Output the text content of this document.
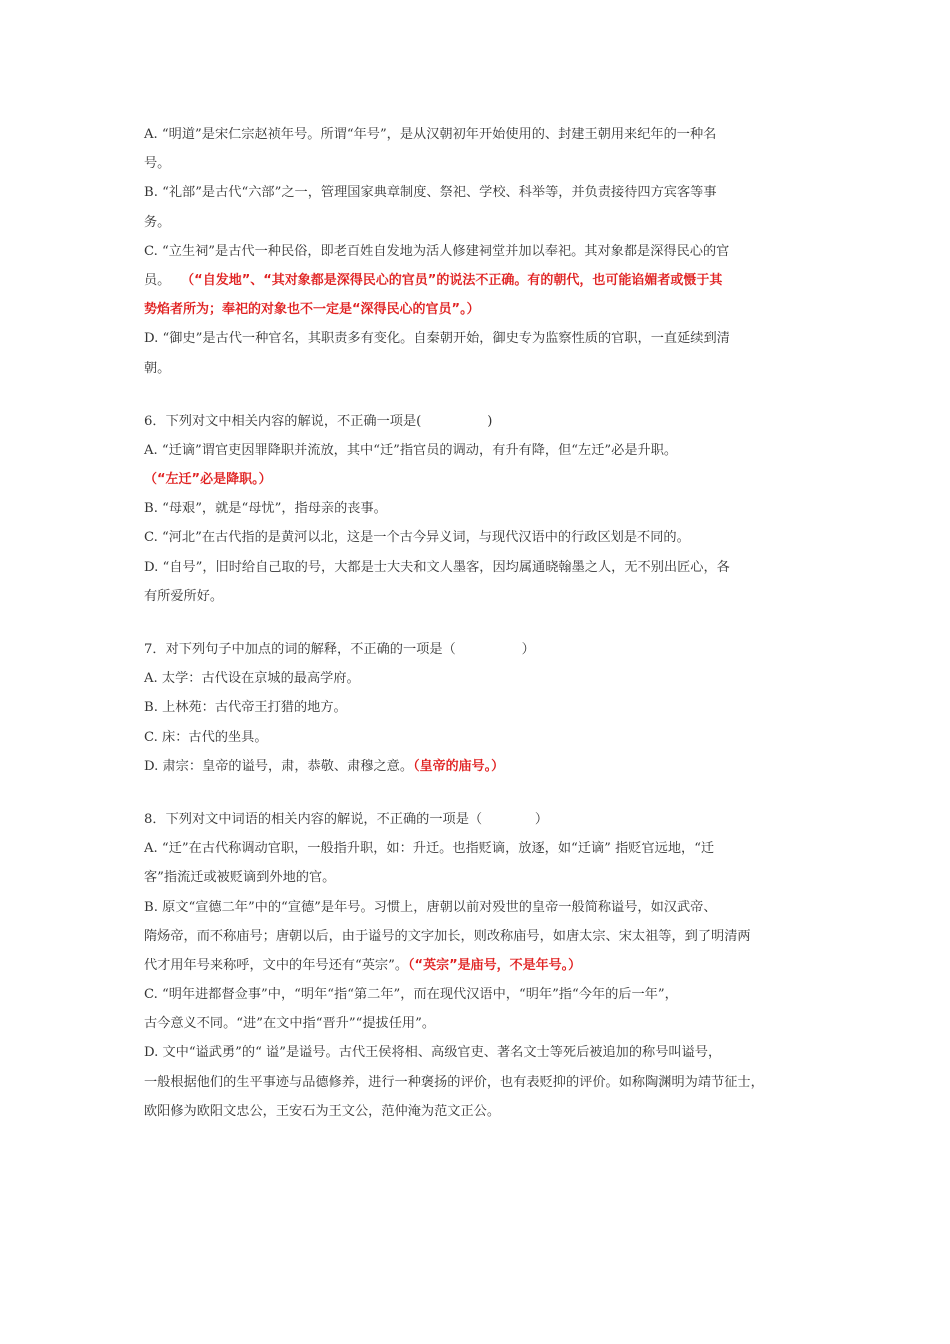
A. “明道”是宋仁宗赵祯年号。所谓“年号”，是从汉朝初年开始使用的、封建王朝用来纪年的一种名
号。
B. “礼部”是古代“六部”之一，管理国家典章制度、祭祀、学校、科举等，并负责接待四方宾客等事
务。
C. “立生祠”是古代一种民俗，即老百姓自发地为活人修建祠堂并加以奉祀。其对象都是深得民心的官
员。　 （“自发地”、“其对象都是深得民心的官员”的说法不正确。有的朝代，也可能谄媚者或慑于其
势焰者所为；奉祀的对象也不一定是“深得民心的官员”。）
D. “御史”是古代一种官名，其职责多有变化。自秦朝开始，御史专为监察性质的官职，一直延续到清
朝。
6．下列对文中相关内容的解说，不正确一项是(　　　　　)
A. “迁谪”谓官吏因罪降职并流放，其中“迁”指官员的调动，有升有降，但“左迁”必是升职。
（“左迁”必是降职。）
B. “母艰”，就是“母忧”，指母亲的丧事。
C. “河北”在古代指的是黄河以北，这是一个古今异义词，与现代汉语中的行政区划是不同的。
D. “自号”，旧时给自己取的号，大都是士大夫和文人墨客，因均属通晓翰墨之人，无不别出匠心，各
有所爱所好。
7．对下列句子中加点的词的解释，不正确的一项是（　　　　　）
A. 太学：古代设在京城的最高学府。
B. 上林苑：古代帝王打猎的地方。
C. 床：古代的坐具。
D. 肃宗：皇帝的谥号，肃，恭敬、肃穆之意。（皇帝的庙号。）
8．下列对文中词语的相关内容的解说，不正确的一项是（　　　　）
A. “迁”在古代称调动官职，一般指升职，如：升迁。也指贬谪，放逐，如“迁谪” 指贬官远地，“迁
客”指流迁或被贬谪到外地的官。
B. 原文“宣德二年”中的“宣德”是年号。习惯上，唐朝以前对殁世的皇帝一般简称谥号，如汉武帝、
隋炀帝，而不称庙号；唐朝以后，由于谥号的文字加长，则改称庙号，如唐太宗、宋太祖等，到了明清两
代才用年号来称呼，文中的年号还有“英宗”。（“英宗”是庙号，不是年号。）
C. “明年进都督佥事”中，“明年“指“第二年”，而在现代汉语中，“明年”指“今年的后一年”，
古今意义不同。“进”在文中指“晋升”“提拔任用”。
D. 文中“谥武勇”的“ 谥”是谥号。古代王侯将相、高级官吏、著名文士等死后被追加的称号叫谥号，
一般根据他们的生平事迹与品德修养，进行一种褒扬的评价，也有表贬抑的评价。如称陶渊明为靖节征士，
欧阳修为欧阳文忠公，王安石为王文公，范仲淹为范文正公。
